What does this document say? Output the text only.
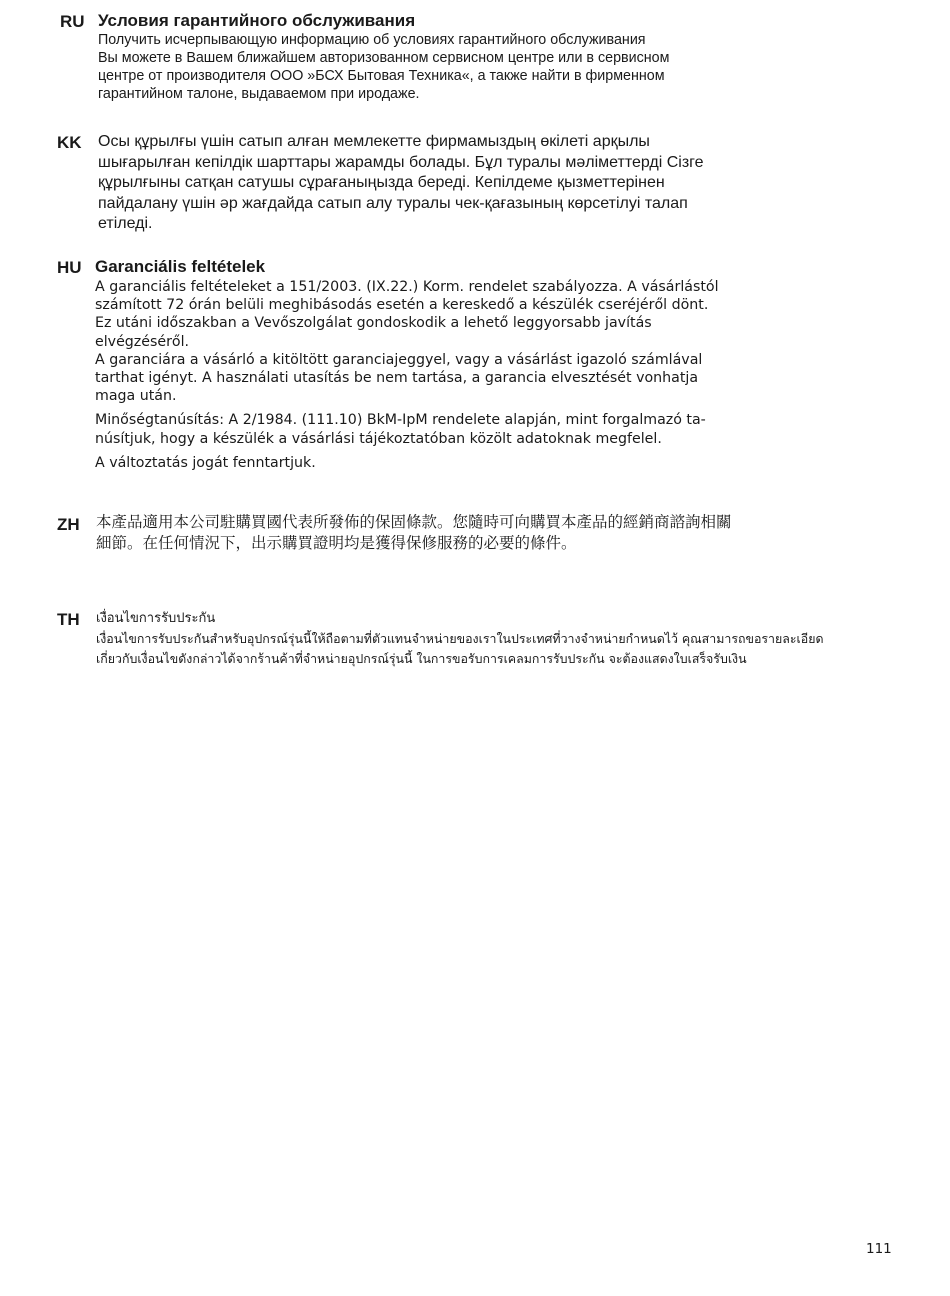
RU Условия гарантийного обслуживания

Получить исчерпывающую информацию об условиях гарантийного обслуживания

Вы можете в Вашем ближайшем авторизованном сервисном центре или в сервисном

центре от производителя ООО »БСХ Бытовая Техника«, а также найти в фирменном

гарантийном талоне, выдаваемом при иродаже.

KK Осы құрылғы үшін сатып алған мемлекетте фирмамыздың өкілеті арқылы

шығарылған кепілдік шарттары жарамды болады. Бұл туралы мәліметтерді Сізге

құрылғыны сатқан сатушы сұрағаныңызда береді. Кепілдеме қызметтерінен

пайдалану үшін әр жағдайда сатып алу туралы чек-қағазының көрсетілуі талап

етіледі.

HU Garanciális feltételek

A garanciális feltételeket a 151/2003. (IX.22.) Korm. rendelet szabályozza. A vásárlástól

számított 72 órán belüli meghibásodás esetén a kereskedő a készülék cseréjéről dönt.

Ez utáni időszakban a Vevőszolgálat gondoskodik a lehető leggyorsabb javítás

elvégzéséről.

A garanciára a vásárló a kitöltött garanciajeggyel, vagy a vásárlást igazoló számlával

tarthat igényt. A használati utasítás be nem tartása, a garancia elvesztését vonhatja

maga után.

Minőségtanúsítás: A 2/1984. (111.10) BkM-IpM rendelete alapján, mint forgalmazó ta-

núsítjuk, hogy a készülék a vásárlási tájékoztatóban közölt adatoknak megfelel.

A változtatás jogát fenntartjuk.

ZH 本產品適用本公司駐購買國代表所發佈的保固條款。您隨時可向購買本產品的經銷商諮詢相關

細節。在任何情況下，出示購買證明均是獲得保修服務的必要的條件。

TH เงื่อนไขการรับประกัน

เงื่อนไขการรับประกันสำหรับอุปกรณ์รุ่นนี้ให้ถือตามที่ตัวแทนจำหน่ายของเราในประเทศที่วางจำหน่ายกำหนดไว้ คุณสามารถขอรายละเอียด

เกี่ยวกับเงื่อนไขดังกล่าวได้จากร้านค้าที่จำหน่ายอุปกรณ์รุ่นนี้ ในการขอรับการเคลมการรับประกัน จะต้องแสดงใบเสร็จรับเงิน

111
